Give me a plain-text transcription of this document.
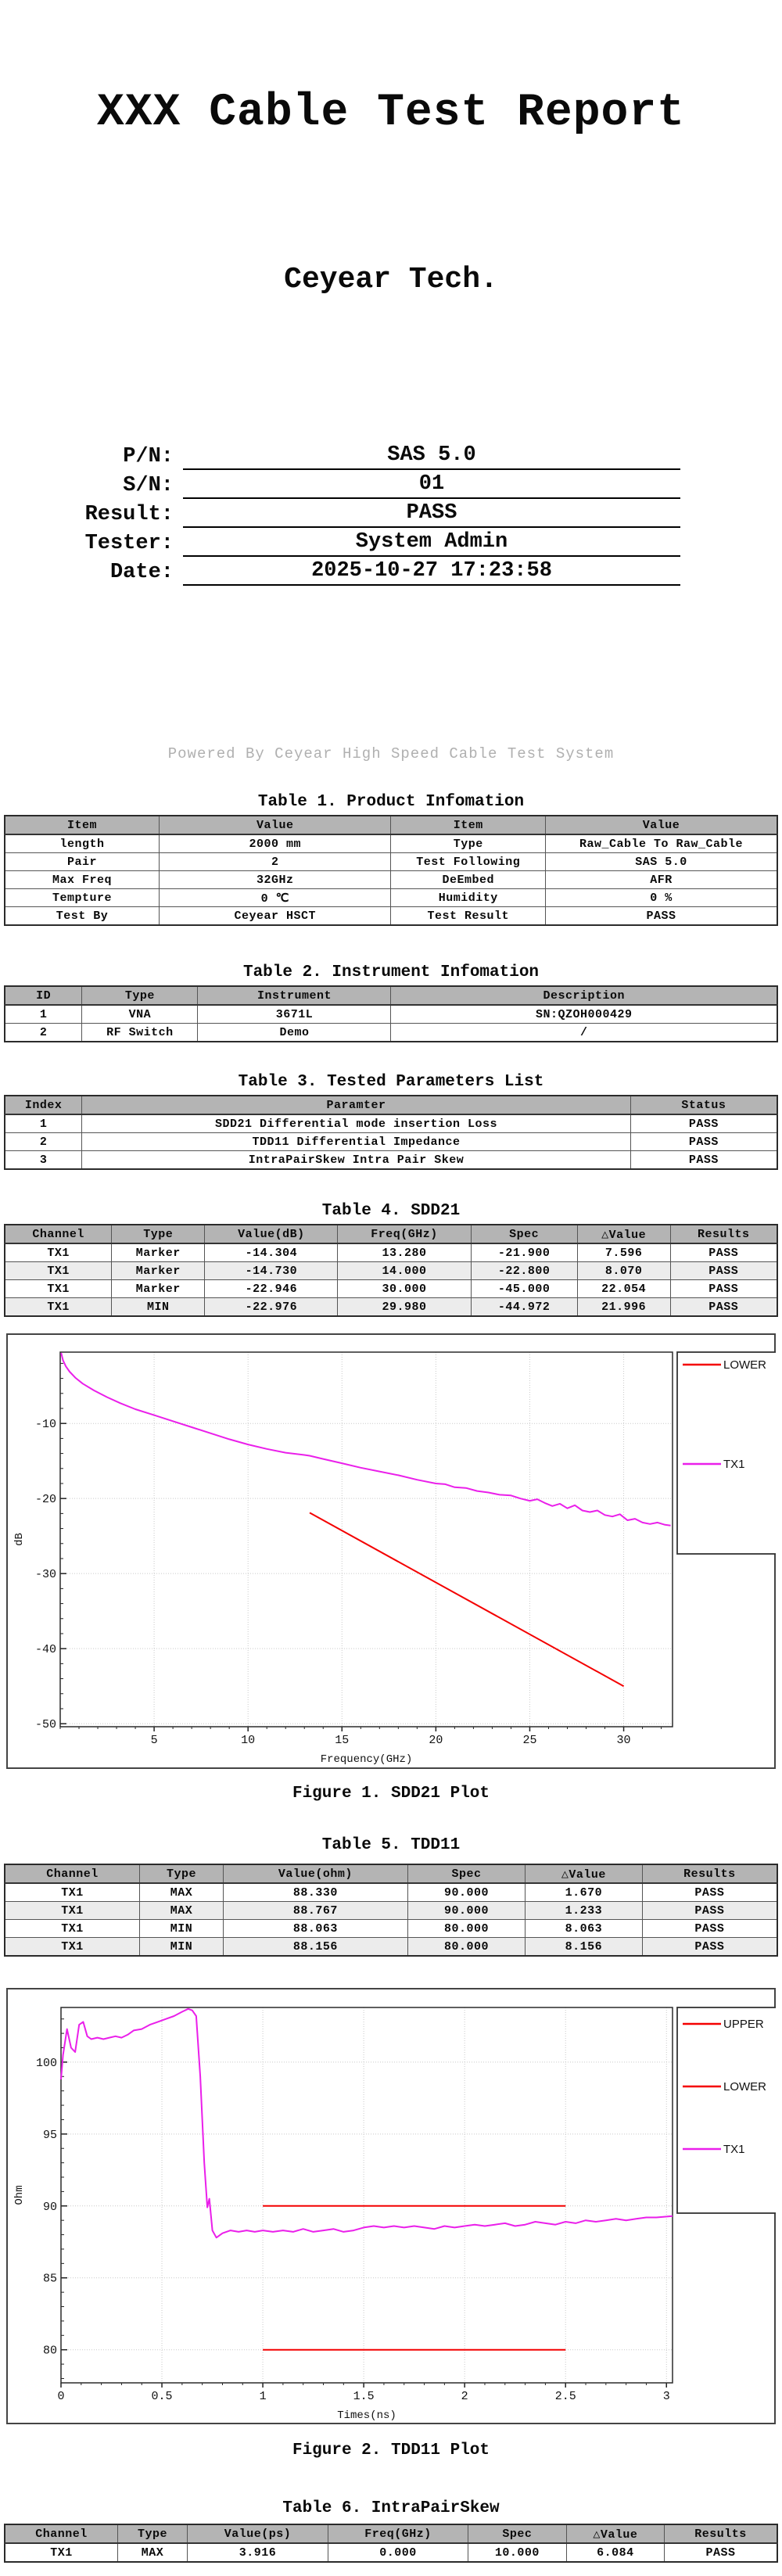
XXX Cable Test Report
Ceyear Tech.
P/N:	SAS 5.0
S/N:	01
Result:	PASS
Tester:	System Admin
Date:	2025-10-27 17:23:58
Powered By Ceyear High Speed Cable Test System
Table 1. Product Infomation
Item	Value	Item	Value
length	2000 mm	Type	Raw_Cable To Raw_Cable
Pair	2	Test Following	SAS 5.0
Max Freq	32GHz	DeEmbed	AFR
Tempture	0 ℃	Humidity	0 %
Test By	Ceyear HSCT	Test Result	PASS
Table 2. Instrument Infomation
ID	Type	Instrument	Description
1	VNA	3671L	SN:QZOH000429
2	RF Switch	Demo	/
Table 3. Tested Parameters List
Index	Paramter	Status
1	SDD21 Differential mode insertion Loss	PASS
2	TDD11 Differential Impedance	PASS
3	IntraPairSkew Intra Pair Skew	PASS
Table 4. SDD21
Channel	Type	Value(dB)	Freq(GHz)	Spec	△Value	Results
TX1	Marker	-14.304	13.280	-21.900	7.596	PASS
TX1	Marker	-14.730	14.000	-22.800	8.070	PASS
TX1	Marker	-22.946	30.000	-45.000	22.054	PASS
TX1	MIN	-22.976	29.980	-44.972	21.996	PASS
5	10	15	20	25	30
-10
-20
-30
-40
-50
Frequency(GHz)
dB
LOWER
TX1
Figure 1. SDD21 Plot
Table 5. TDD11
Channel	Type	Value(ohm)	Spec	△Value	Results
TX1	MAX	88.330	90.000	1.670	PASS
TX1	MAX	88.767	90.000	1.233	PASS
TX1	MIN	88.063	80.000	8.063	PASS
TX1	MIN	88.156	80.000	8.156	PASS
0	0.5	1	1.5	2	2.5	3
100
95
90
85
80
Times(ns)
Ohm
UPPER
LOWER
TX1
Figure 2. TDD11 Plot
Table 6. IntraPairSkew
Channel	Type	Value(ps)	Freq(GHz)	Spec	△Value	Results
TX1	MAX	3.916	0.000	10.000	6.084	PASS
